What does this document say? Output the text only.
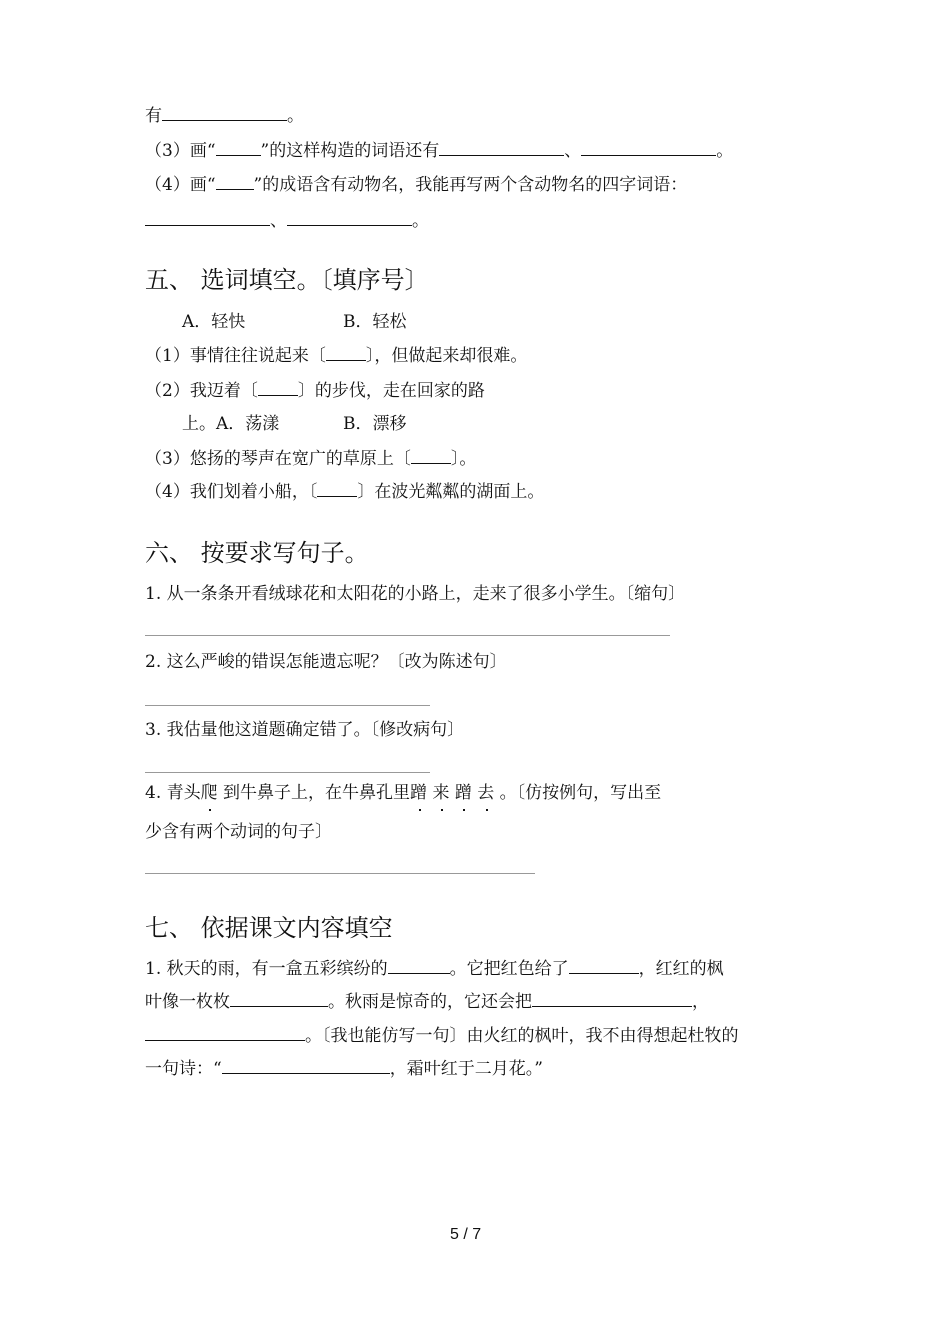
有	。
（3）画“	”的这样构造的词语还有	、	。
（4）画“ ”的成语含有动物名，我能再写两个含动物名的四字词语：
、	。
五、 选词填空。〔填序号〕
A．轻快	B．轻松
（1）事情往往说起来〔 〕，但做起来却很难。
（2）我迈着〔 〕的步伐，走在回家的路
上。A．荡漾	B．漂移
（3）悠扬的琴声在宽广的草原上〔 〕。
（4）我们划着小船，〔 〕在波光粼粼的湖面上。
六、 按要求写句子。
1. 从一条条开看绒球花和太阳花的小路上，走来了很多小学生。〔缩句〕
2. 这么严峻的错误怎能遗忘呢？〔改为陈述句〕
3. 我估量他这道题确定错了。〔修改病句〕
4. 青头爬 到牛鼻子上，在牛鼻孔里蹭 来 蹭 去 。〔仿按例句，写出至
少含有两个动词的句子〕
七、 依据课文内容填空
1. 秋天的雨，有一盒五彩缤纷的	。它把红色给了	，红红的枫
叶像一枚枚	。秋雨是惊奇的，它还会把	，
。〔我也能仿写一句〕由火红的枫叶，我不由得想起杜牧的
一句诗：“	，霜叶红于二月花。”
5 / 7
